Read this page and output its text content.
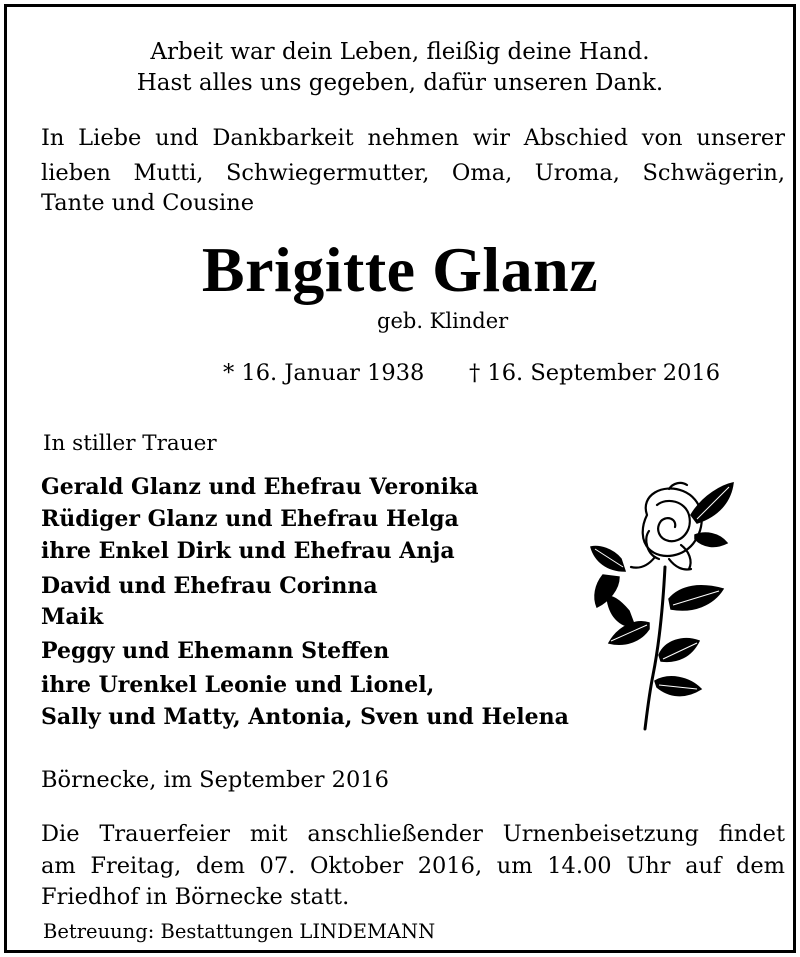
Arbeit war dein Leben, fleißig deine Hand.
Hast alles uns gegeben, dafür unseren Dank.
In Liebe und Dankbarkeit nehmen wir Abschied von unserer
lieben Mutti, Schwiegermutter, Oma, Uroma, Schwägerin,
Tante und Cousine
Brigitte Glanz
geb. Klinder
* 16. Januar 1938 † 16. September 2016
In stiller Trauer
Gerald Glanz und Ehefrau Veronika
Rüdiger Glanz und Ehefrau Helga
ihre Enkel Dirk und Ehefrau Anja
David und Ehefrau Corinna
Maik
Peggy und Ehemann Steffen
ihre Urenkel Leonie und Lionel,
Sally und Matty, Antonia, Sven und Helena
Börnecke, im September 2016
Die Trauerfeier mit anschließender Urnenbeisetzung findet
am Freitag, dem 07. Oktober 2016, um 14.00 Uhr auf dem
Friedhof in Börnecke statt.
Betreuung: Bestattungen LINDEMANN
